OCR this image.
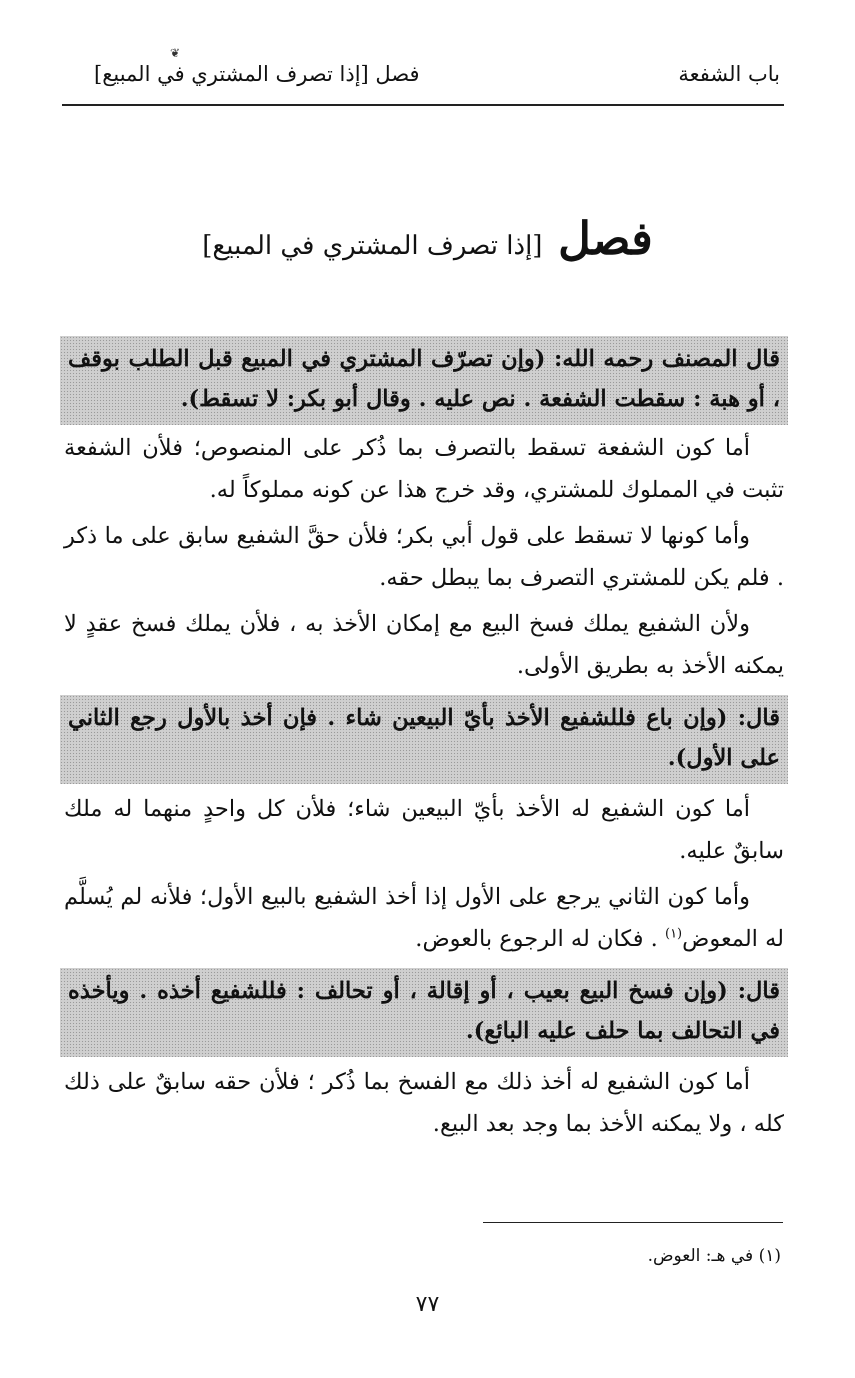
باب الشفعة
❦
فصل [إذا تصرف المشتري في المبيع]
فصل [إذا تصرف المشتري في المبيع]

قال المصنف رحمه الله: (وإن تصرّف المشتري في المبيع قبل الطلب بوقف ، أو هبة : سقطت الشفعة . نص عليه . وقال أبو بكر: لا تسقط).

أما كون الشفعة تسقط بالتصرف بما ذُكر على المنصوص؛ فلأن الشفعة تثبت في المملوك للمشتري، وقد خرج هذا عن كونه مملوكاً له.

وأما كونها لا تسقط على قول أبي بكر؛ فلأن حقَّ الشفيع سابق على ما ذكر . فلم يكن للمشتري التصرف بما يبطل حقه.

ولأن الشفيع يملك فسخ البيع مع إمكان الأخذ به ، فلأن يملك فسخ عقدٍ لا يمكنه الأخذ به بطريق الأولى.

قال: (وإن باع فللشفيع الأخذ بأيّ البيعين شاء . فإن أخذ بالأول رجع الثاني على الأول).

أما كون الشفيع له الأخذ بأيّ البيعين شاء؛ فلأن كل واحدٍ منهما له ملك سابقٌ عليه.

وأما كون الثاني يرجع على الأول إذا أخذ الشفيع بالبيع الأول؛ فلأنه لم يُسلَّم له المعوض$^{(١)}$ . فكان له الرجوع بالعوض.

قال: (وإن فسخ البيع بعيب ، أو إقالة ، أو تحالف : فللشفيع أخذه . ويأخذه في التحالف بما حلف عليه البائع).

أما كون الشفيع له أخذ ذلك مع الفسخ بما ذُكر ؛ فلأن حقه سابقٌ على ذلك كله ، ولا يمكنه الأخذ بما وجد بعد البيع.

(١) في هـ: العوض.
٧٧
